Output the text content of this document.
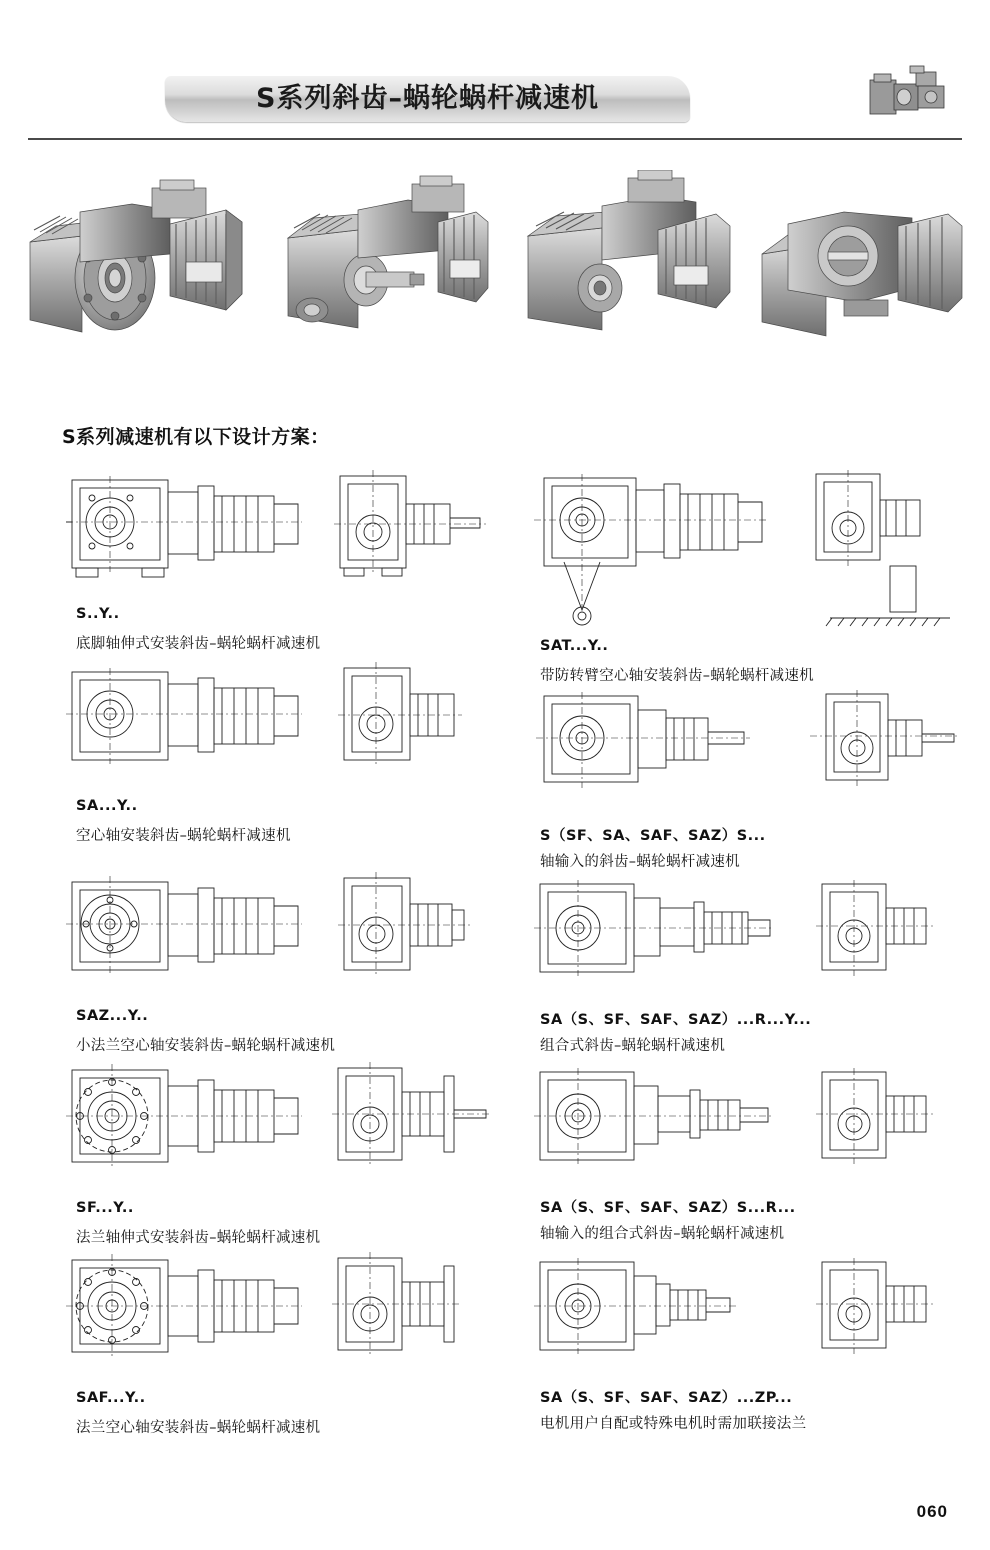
S系列斜齿–蜗轮蜗杆减速机
S系列减速机有以下设计方案：
S..Y..
底脚轴伸式安装斜齿–蜗轮蜗杆减速机	SAT...Y..
带防转臂空心轴安装斜齿–蜗轮蜗杆减速机
SA...Y..
空心轴安装斜齿–蜗轮蜗杆减速机	S（SF、SA、SAF、SAZ）S...
轴输入的斜齿–蜗轮蜗杆减速机
SAZ...Y..
小法兰空心轴安装斜齿–蜗轮蜗杆减速机
SA（S、SF、SAF、SAZ）...R...Y...
组合式斜齿–蜗轮蜗杆减速机
SF...Y..
法兰轴伸式安装斜齿–蜗轮蜗杆减速机
SA（S、SF、SAF、SAZ）S...R...
轴输入的组合式斜齿–蜗轮蜗杆减速机
SAF...Y..
法兰空心轴安装斜齿–蜗轮蜗杆减速机
SA（S、SF、SAF、SAZ）...ZP...
电机用户自配或特殊电机时需加联接法兰
060
